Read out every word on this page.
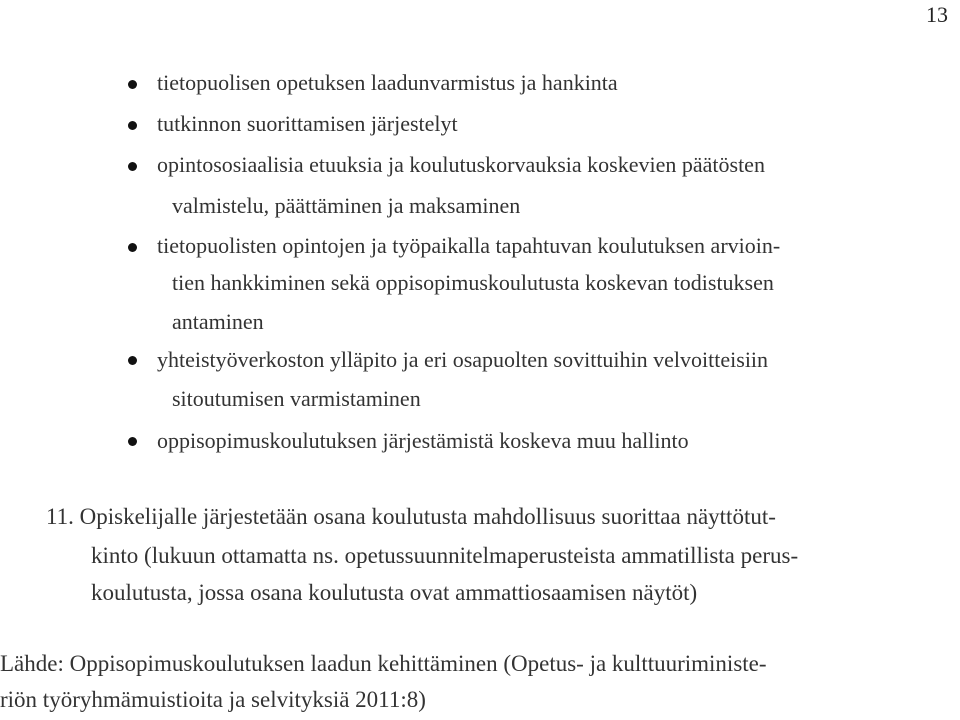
13
tietopuolisen opetuksen laadunvarmistus ja hankinta
tutkinnon suorittamisen järjestelyt
opintososiaalisia etuuksia ja koulutuskorvauksia koskevien päätösten
valmistelu, päättäminen ja maksaminen
tietopuolisten opintojen ja työpaikalla tapahtuvan koulutuksen arvioin-
tien hankkiminen sekä oppisopimuskoulutusta koskevan todistuksen
antaminen
yhteistyöverkoston ylläpito ja eri osapuolten sovittuihin velvoitteisiin
sitoutumisen varmistaminen
oppisopimuskoulutuksen järjestämistä koskeva muu hallinto
11. Opiskelijalle järjestetään osana koulutusta mahdollisuus suorittaa näyttötut-
kinto (lukuun ottamatta ns. opetussuunnitelmaperusteista ammatillista perus-
koulutusta, jossa osana koulutusta ovat ammattiosaamisen näytöt)
Lähde: Oppisopimuskoulutuksen laadun kehittäminen (Opetus- ja kulttuuriministe-
riön työryhmämuistioita ja selvityksiä 2011:8)
